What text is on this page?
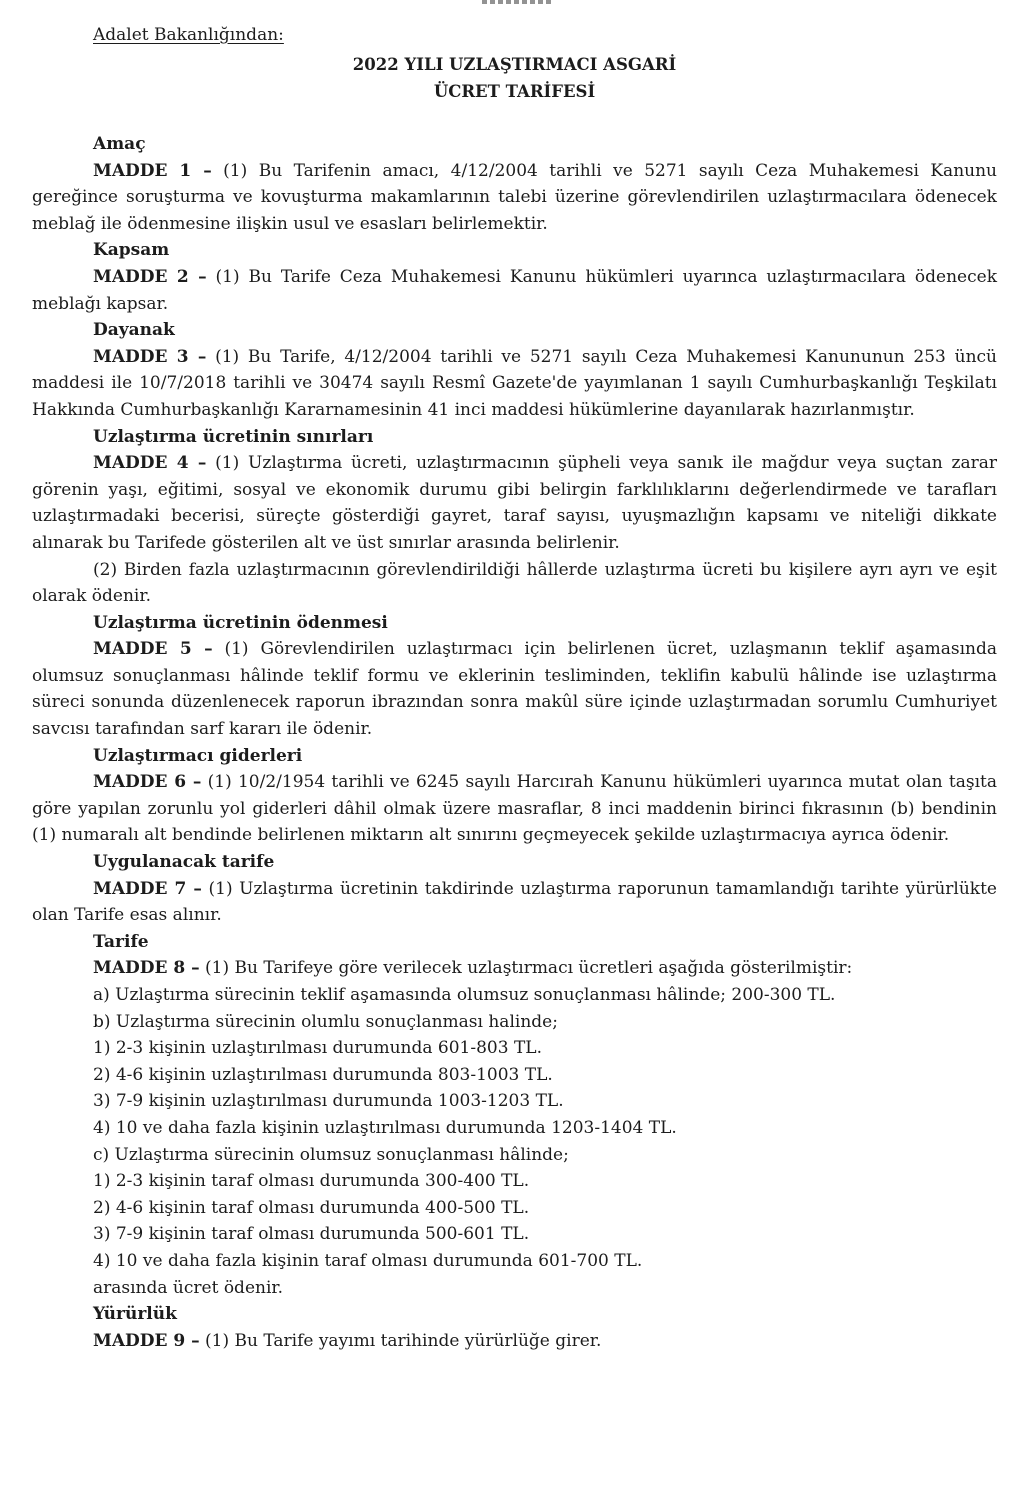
Adalet Bakanlığından:

2022 YILI UZLAŞTIRMACI ASGARİ

ÜCRET TARİFESİ

Amaç

MADDE 1 – (1) Bu Tarifenin amacı, 4/12/2004 tarihli ve 5271 sayılı Ceza Muhakemesi Kanunu gereğince soruşturma ve kovuşturma makamlarının talebi üzerine görevlendirilen uzlaştırmacılara ödenecek meblağ ile ödenmesine ilişkin usul ve esasları belirlemektir.

Kapsam

MADDE 2 – (1) Bu Tarife Ceza Muhakemesi Kanunu hükümleri uyarınca uzlaştırmacılara ödenecek meblağı kapsar.

Dayanak

MADDE 3 – (1) Bu Tarife, 4/12/2004 tarihli ve 5271 sayılı Ceza Muhakemesi Kanununun 253 üncü maddesi ile 10/7/2018 tarihli ve 30474 sayılı Resmî Gazete'de yayımlanan 1 sayılı Cumhurbaşkanlığı Teşkilatı Hakkında Cumhurbaşkanlığı Kararnamesinin 41 inci maddesi hükümlerine dayanılarak hazırlanmıştır.

Uzlaştırma ücretinin sınırları

MADDE 4 – (1) Uzlaştırma ücreti, uzlaştırmacının şüpheli veya sanık ile mağdur veya suçtan zarar görenin yaşı, eğitimi, sosyal ve ekonomik durumu gibi belirgin farklılıklarını değerlendirmede ve tarafları uzlaştırmadaki becerisi, süreçte gösterdiği gayret, taraf sayısı, uyuşmazlığın kapsamı ve niteliği dikkate alınarak bu Tarifede gösterilen alt ve üst sınırlar arasında belirlenir.

(2) Birden fazla uzlaştırmacının görevlendirildiği hâllerde uzlaştırma ücreti bu kişilere ayrı ayrı ve eşit olarak ödenir.

Uzlaştırma ücretinin ödenmesi

MADDE 5 – (1) Görevlendirilen uzlaştırmacı için belirlenen ücret, uzlaşmanın teklif aşamasında olumsuz sonuçlanması hâlinde teklif formu ve eklerinin tesliminden, teklifin kabulü hâlinde ise uzlaştırma süreci sonunda düzenlenecek raporun ibrazından sonra makûl süre içinde uzlaştırmadan sorumlu Cumhuriyet savcısı tarafından sarf kararı ile ödenir.

Uzlaştırmacı giderleri

MADDE 6 – (1) 10/2/1954 tarihli ve 6245 sayılı Harcırah Kanunu hükümleri uyarınca mutat olan taşıta göre yapılan zorunlu yol giderleri dâhil olmak üzere masraflar, 8 inci maddenin birinci fıkrasının (b) bendinin (1) numaralı alt bendinde belirlenen miktarın alt sınırını geçmeyecek şekilde uzlaştırmacıya ayrıca ödenir.

Uygulanacak tarife

MADDE 7 – (1) Uzlaştırma ücretinin takdirinde uzlaştırma raporunun tamamlandığı tarihte yürürlükte olan Tarife esas alınır.

Tarife

MADDE 8 – (1) Bu Tarifeye göre verilecek uzlaştırmacı ücretleri aşağıda gösterilmiştir:

a) Uzlaştırma sürecinin teklif aşamasında olumsuz sonuçlanması hâlinde; 200-300 TL.

b) Uzlaştırma sürecinin olumlu sonuçlanması halinde;

1) 2-3 kişinin uzlaştırılması durumunda 601-803 TL.

2) 4-6 kişinin uzlaştırılması durumunda 803-1003 TL.

3) 7-9 kişinin uzlaştırılması durumunda 1003-1203 TL.

4) 10 ve daha fazla kişinin uzlaştırılması durumunda 1203-1404 TL.

c) Uzlaştırma sürecinin olumsuz sonuçlanması hâlinde;

1) 2-3 kişinin taraf olması durumunda 300-400 TL.

2) 4-6 kişinin taraf olması durumunda 400-500 TL.

3) 7-9 kişinin taraf olması durumunda 500-601 TL.

4) 10 ve daha fazla kişinin taraf olması durumunda 601-700 TL.

arasında ücret ödenir.

Yürürlük

MADDE 9 – (1) Bu Tarife yayımı tarihinde yürürlüğe girer.
